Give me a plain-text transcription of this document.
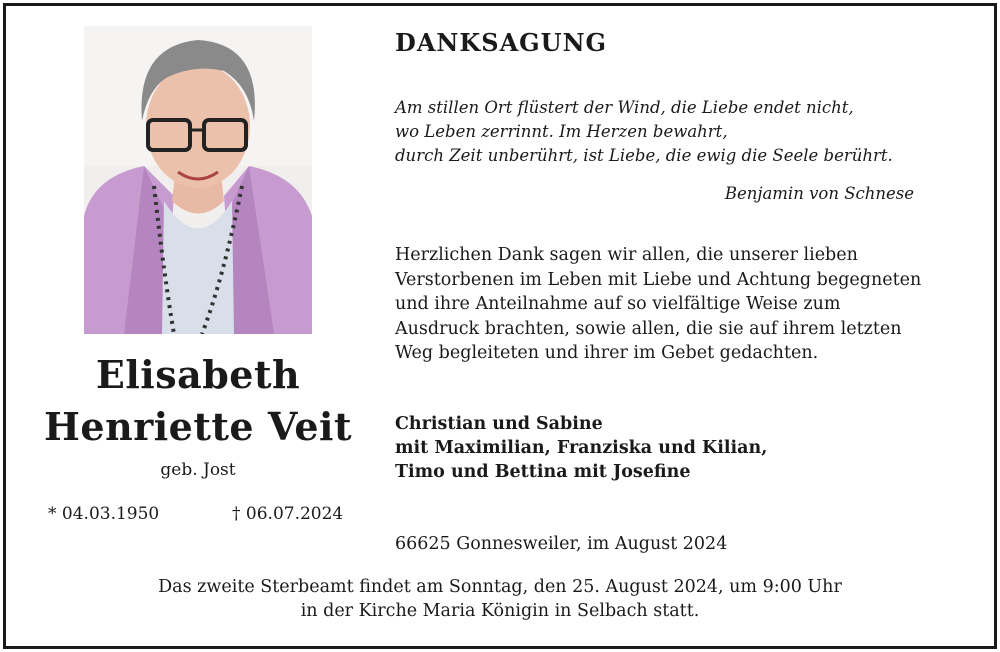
Elisabeth
Henriette Veit
geb. Jost
* 04.03.1950	† 06.07.2024
DANKSAGUNG
Am stillen Ort flüstert der Wind, die Liebe endet nicht,
wo Leben zerrinnt. Im Herzen bewahrt,
durch Zeit unberührt, ist Liebe, die ewig die Seele berührt.
Benjamin von Schnese
Herzlichen Dank sagen wir allen, die unserer lieben
Verstorbenen im Leben mit Liebe und Achtung begegneten
und ihre Anteilnahme auf so vielfältige Weise zum
Ausdruck brachten, sowie allen, die sie auf ihrem letzten
Weg begleiteten und ihrer im Gebet gedachten.
Christian und Sabine
mit Maximilian, Franziska und Kilian,
Timo und Bettina mit Josefine
66625 Gonnesweiler, im August 2024
Das zweite Sterbeamt findet am Sonntag, den 25. August 2024, um 9:00 Uhr
in der Kirche Maria Königin in Selbach statt.
